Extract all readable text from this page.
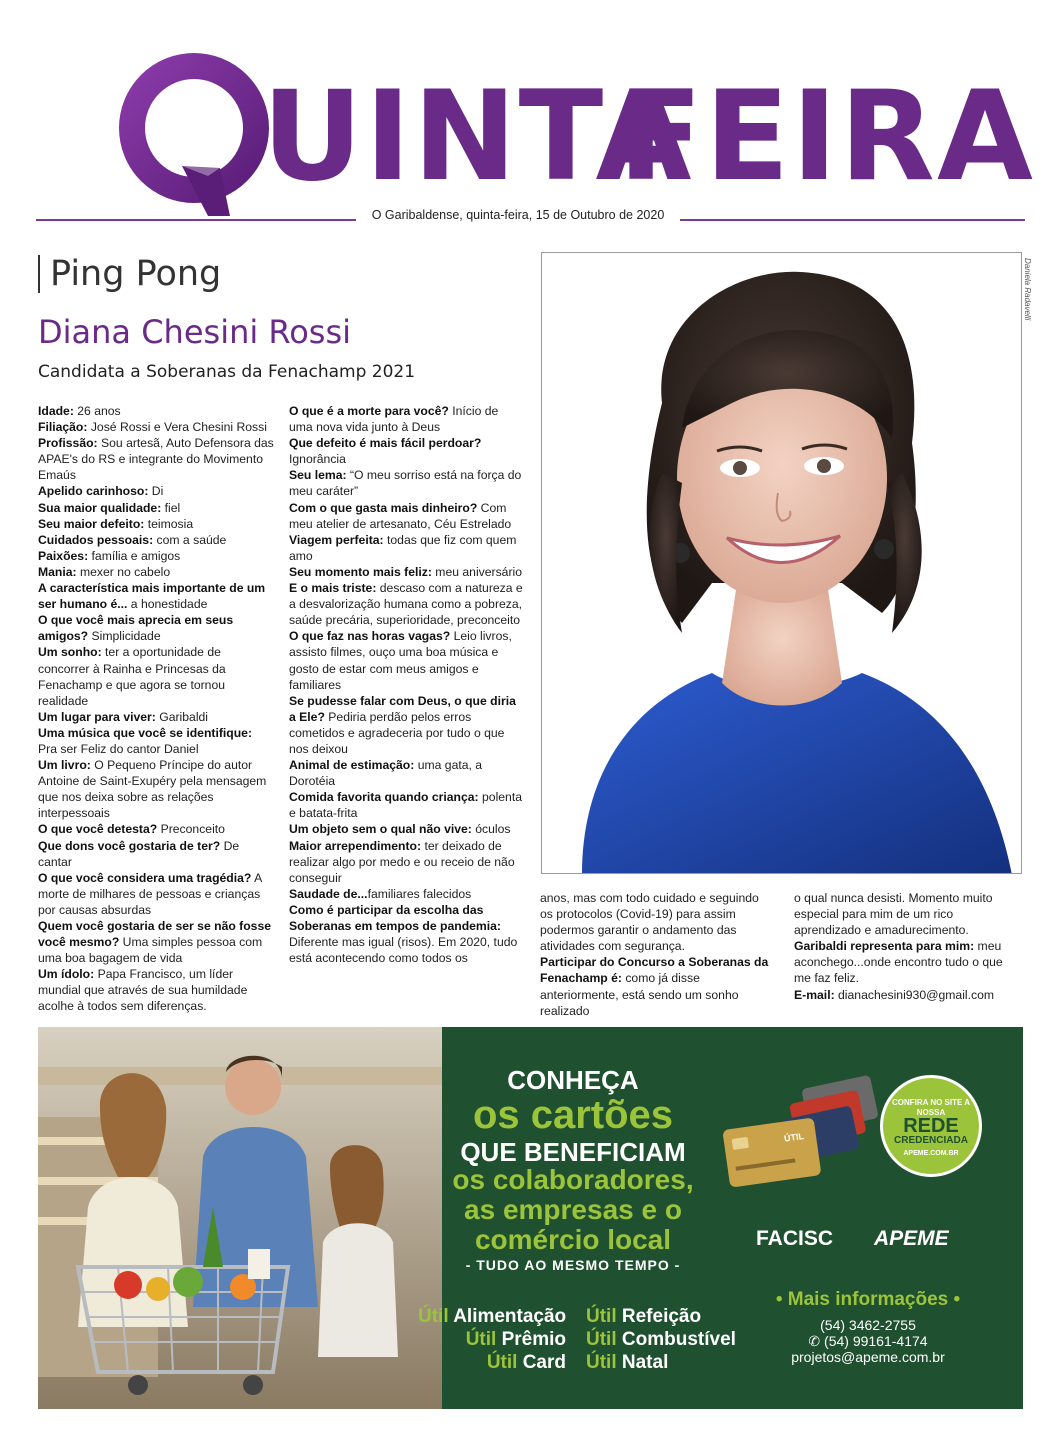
UINTA
FEIRA
O Garibaldense, quinta-feira, 15 de Outubro de 2020
Ping Pong
Diana Chesini Rossi
Candidata a Soberanas da Fenachamp 2021

Idade: 26 anos

Filiação: José Rossi e Vera Chesini Rossi

Profissão: Sou artesã, Auto Defensora das APAE's do RS e integrante do Movimento Emaús

Apelido carinhoso: Di

Sua maior qualidade: fiel

Seu maior defeito: teimosia

Cuidados pessoais: com a saúde

Paixões: família e amigos

Mania: mexer no cabelo

A característica mais importante de um ser humano é... a honestidade

O que você mais aprecia em seus amigos? Simplicidade

Um sonho: ter a oportunidade de concorrer à Rainha e Princesas da Fenachamp e que agora se tornou realidade

Um lugar para viver: Garibaldi

Uma música que você se identifique: Pra ser Feliz do cantor Daniel

Um livro: O Pequeno Príncipe do autor Antoine de Saint-Exupéry pela mensagem que nos deixa sobre as relações interpessoais

O que você detesta? Preconceito

Que dons você gostaria de ter? De cantar

O que você considera uma tragédia? A morte de milhares de pessoas e crianças por causas absurdas

Quem você gostaria de ser se não fosse você mesmo? Uma simples pessoa com uma boa bagagem de vida

Um ídolo: Papa Francisco, um líder mundial que através de sua humildade acolhe à todos sem diferenças.

O que é a morte para você? Início de uma nova vida junto à Deus

Que defeito é mais fácil perdoar? Ignorância

Seu lema: “O meu sorriso está na força do meu caráter”

Com o que gasta mais dinheiro? Com meu atelier de artesanato, Céu Estrelado

Viagem perfeita: todas que fiz com quem amo

Seu momento mais feliz: meu aniversário

E o mais triste: descaso com a natureza e a desvalorização humana como a pobreza, saúde precária, superioridade, preconceito

O que faz nas horas vagas? Leio livros, assisto filmes, ouço uma boa música e gosto de estar com meus amigos e familiares

Se pudesse falar com Deus, o que diria a Ele? Pediria perdão pelos erros cometidos e agradeceria por tudo o que nos deixou

Animal de estimação: uma gata, a Dorotéia

Comida favorita quando criança: polenta e batata-frita

Um objeto sem o qual não vive: óculos

Maior arrependimento: ter deixado de realizar algo por medo e ou receio de não conseguir

Saudade de...familiares falecidos

Como é participar da escolha das Soberanas em tempos de pandemia: Diferente mas igual (risos). Em 2020, tudo está acontecendo como todos os

anos, mas com todo cuidado e seguindo os protocolos (Covid-19) para assim podermos garantir o andamento das atividades com segurança.

Participar do Concurso a Soberanas da Fenachamp é: como já disse anteriormente, está sendo um sonho realizado

o qual nunca desisti. Momento muito especial para mim de um rico aprendizado e amadurecimento.

Garibaldi representa para mim: meu aconchego...onde encontro tudo o que me faz feliz.

E-mail: dianachesini930@gmail.com

Daniela Radavelli
CONHEÇA
os cartões
QUE BENEFICIAM
os colaboradores, as empresas e o comércio local
- TUDO AO MESMO TEMPO -
ÚTIL
CONFIRA NO SITE A NOSSA
REDE
CREDENCIADA
APEME.COM.BR
FACISC APEME
Útil Alimentação
Útil Prêmio
Útil Card
Útil Refeição
Útil Combustível
Útil Natal
• Mais informações •
(54) 3462-2755
✆ (54) 99161-4174
projetos@apeme.com.br
